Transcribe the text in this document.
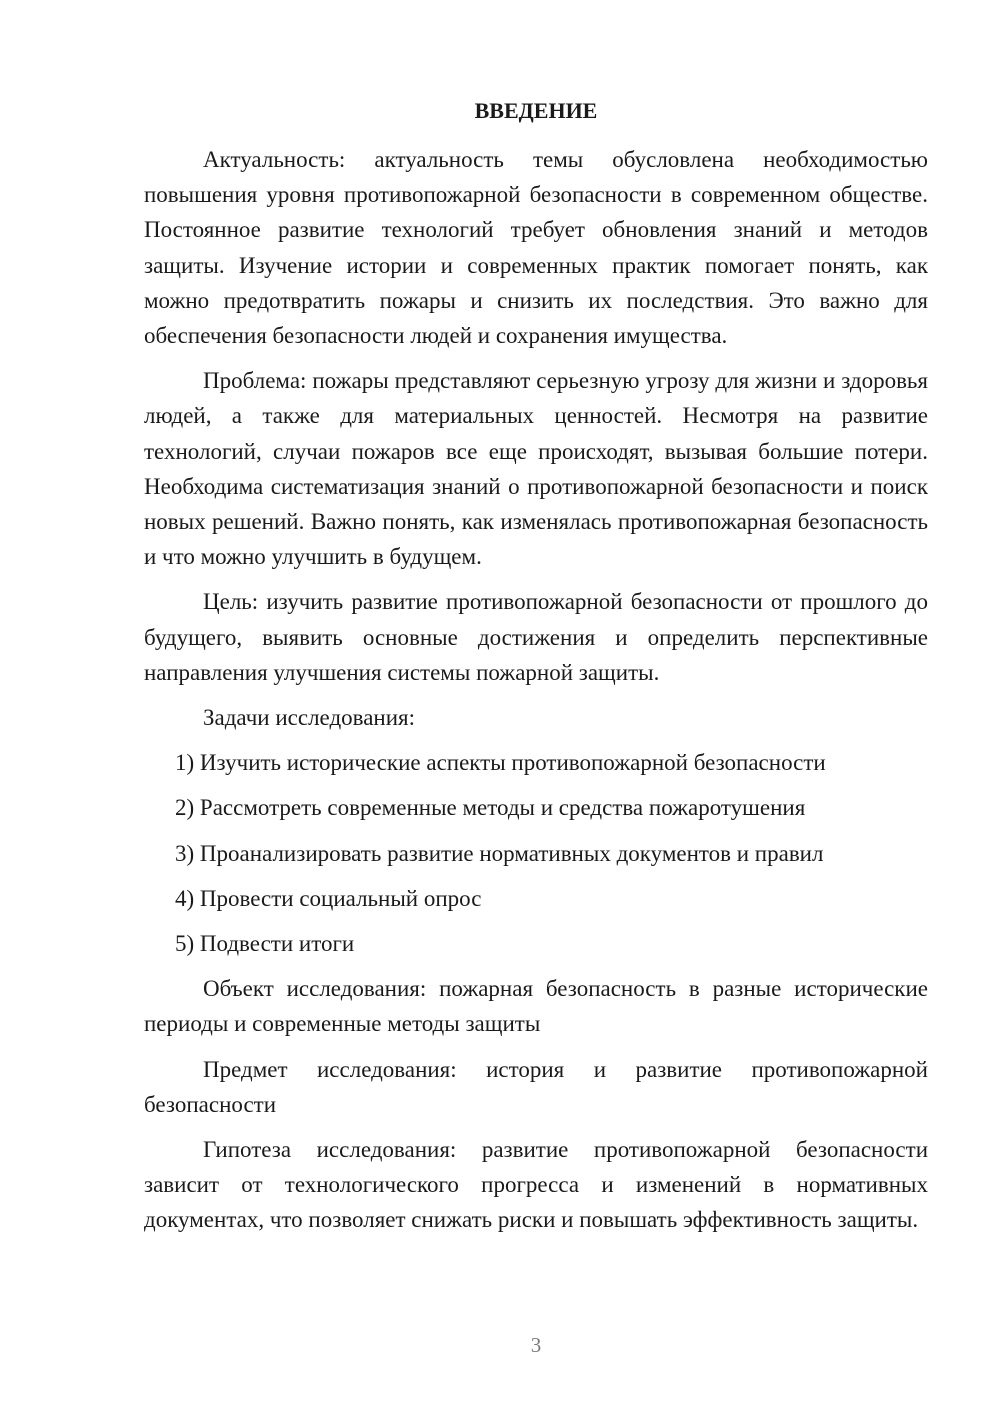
ВВЕДЕНИЕ

Актуальность: актуальность темы обусловлена необходимостью повышения уровня противопожарной безопасности в современном обществе. Постоянное развитие технологий требует обновления знаний и методов защиты. Изучение истории и современных практик помогает понять, как можно предотвратить пожары и снизить их последствия. Это важно для обеспечения безопасности людей и сохранения имущества.

Проблема: пожары представляют серьезную угрозу для жизни и здоровья людей, а также для материальных ценностей. Несмотря на развитие технологий, случаи пожаров все еще происходят, вызывая большие потери. Необходима систематизация знаний о противопожарной безопасности и поиск новых решений. Важно понять, как изменялась противопожарная безопасность и что можно улучшить в будущем.

Цель: изучить развитие противопожарной безопасности от прошлого до будущего, выявить основные достижения и определить перспективные направления улучшения системы пожарной защиты.

Задачи исследования:

1) Изучить исторические аспекты противопожарной безопасности

2) Рассмотреть современные методы и средства пожаротушения

3) Проанализировать развитие нормативных документов и правил

4) Провести социальный опрос

5) Подвести итоги

Объект исследования: пожарная безопасность в разные исторические периоды и современные методы защиты

Предмет исследования: история и развитие противопожарной безопасности

Гипотеза исследования: развитие противопожарной безопасности зависит от технологического прогресса и изменений в нормативных документах, что позволяет снижать риски и повышать эффективность защиты.

3
